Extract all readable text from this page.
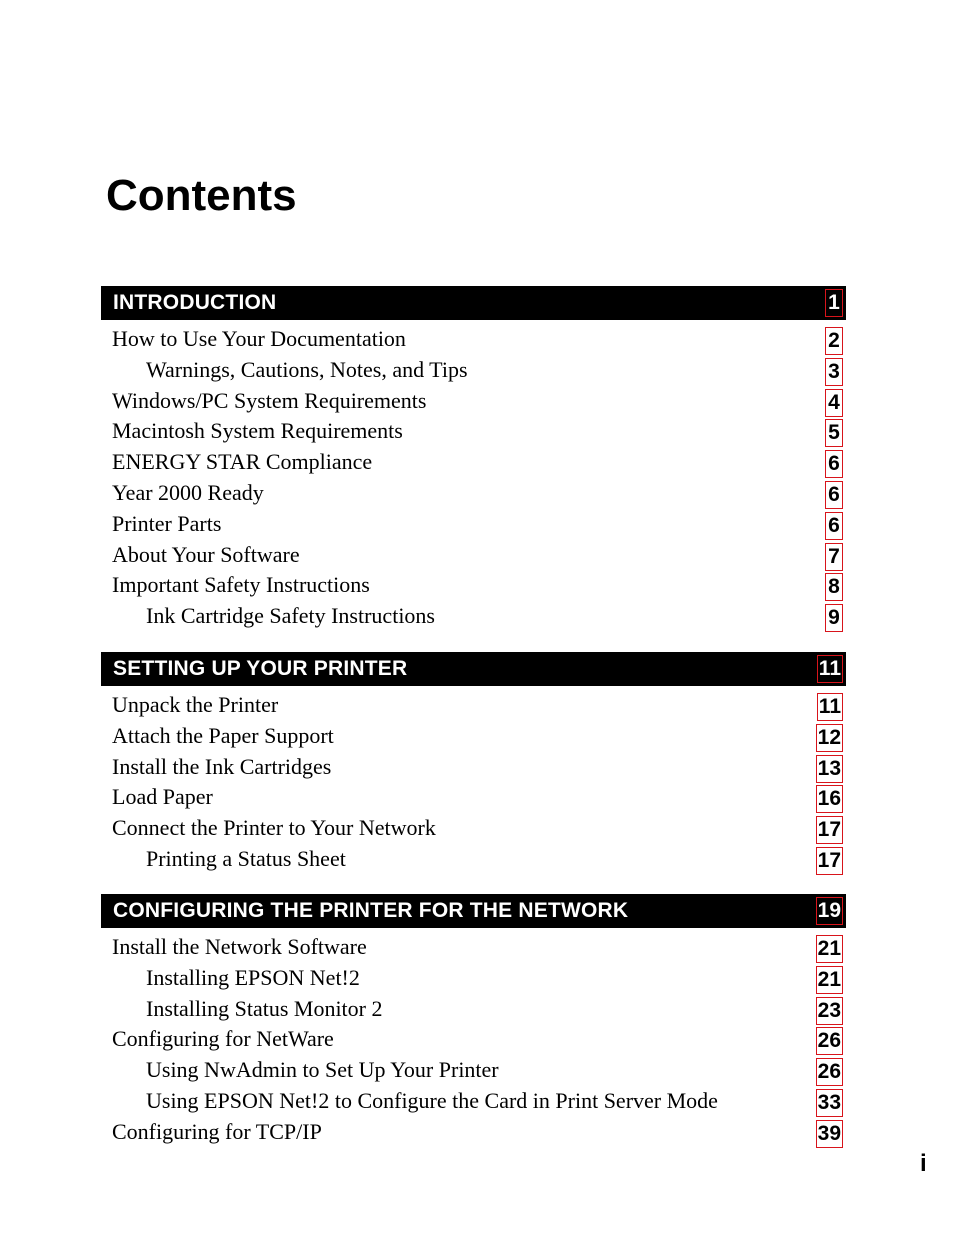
Contents
INTRODUCTION	1
How to Use Your Documentation	2
Warnings, Cautions, Notes, and Tips	3
Windows/PC System Requirements	4
Macintosh System Requirements	5
ENERGY STAR Compliance	6
Year 2000 Ready	6
Printer Parts	6
About Your Software	7
Important Safety Instructions	8
Ink Cartridge Safety Instructions	9
SETTING UP YOUR PRINTER	11
Unpack the Printer	11
Attach the Paper Support	12
Install the Ink Cartridges	13
Load Paper	16
Connect the Printer to Your Network	17
Printing a Status Sheet	17
CONFIGURING THE PRINTER FOR THE NETWORK	19
Install the Network Software	21
Installing EPSON Net!2	21
Installing Status Monitor 2	23
Configuring for NetWare	26
Using NwAdmin to Set Up Your Printer	26
Using EPSON Net!2 to Configure the Card in Print Server Mode	33
Configuring for TCP/IP	39
i
